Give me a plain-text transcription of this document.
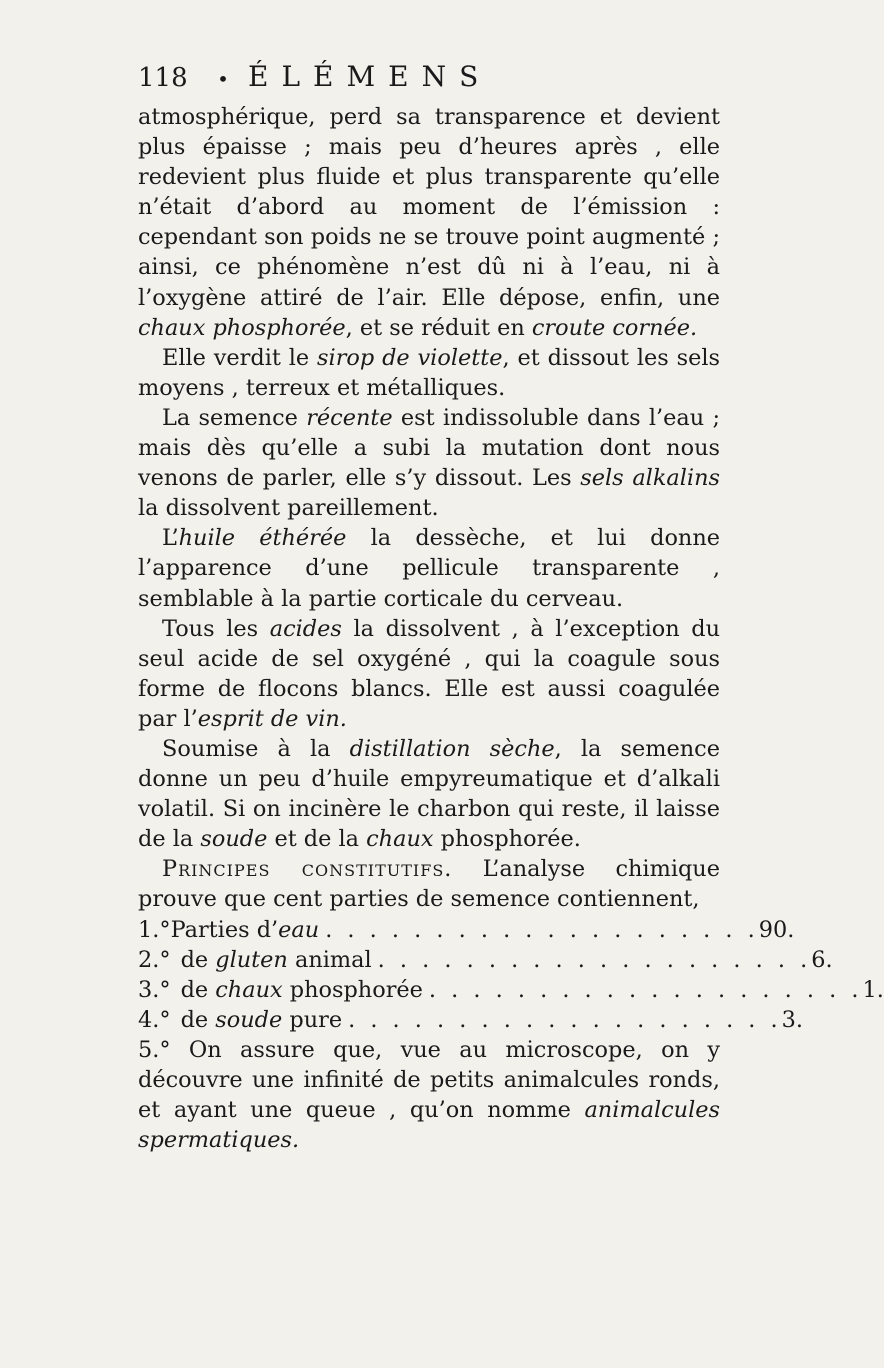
118	• ÉLÉMENS

atmosphérique, perd sa transparence et devient plus épaisse ; mais peu d’heures après , elle redevient plus fluide et plus transparente qu’elle n’était d’abord au moment de l’émission : cependant son poids ne se trouve point augmenté ; ainsi, ce phénomène n’est dû ni à l’eau, ni à l’oxygène attiré de l’air. Elle dépose, enfin, une chaux phosphorée, et se réduit en croute cornée.

Elle verdit le sirop de violette, et dissout les sels moyens , terreux et métalliques.

La semence récente est indissoluble dans l’eau ; mais dès qu’elle a subi la mutation dont nous venons de parler, elle s’y dissout. Les sels alkalins la dissolvent pareillement.

L’huile éthérée la dessèche, et lui donne l’apparence d’une pellicule transparente , semblable à la partie corticale du cerveau.

Tous les acides la dissolvent , à l’exception du seul acide de sel oxygéné , qui la coagule sous forme de flocons blancs. Elle est aussi coagulée par l’esprit de vin.

Soumise à la distillation sèche, la semence donne un peu d’huile empyreumatique et d’alkali volatil. Si on incinère le charbon qui reste, il laisse de la soude et de la chaux phosphorée.

Principes constitutifs. L’analyse chimique prouve que cent parties de semence contiennent,

1.° Parties d’eau . . . . . . . . . . . . . . . . . . . . 90.
2.° de gluten animal . . . . . . . . . . . . . . . . . . . . 6.
3.° de chaux phosphorée . . . . . . . . . . . . . . . . . . . . 1.
4.° de soude pure . . . . . . . . . . . . . . . . . . . . 3.

5.° On assure que, vue au microscope, on y découvre une infinité de petits animalcules ronds, et ayant une queue , qu’on nomme animalcules spermatiques.
